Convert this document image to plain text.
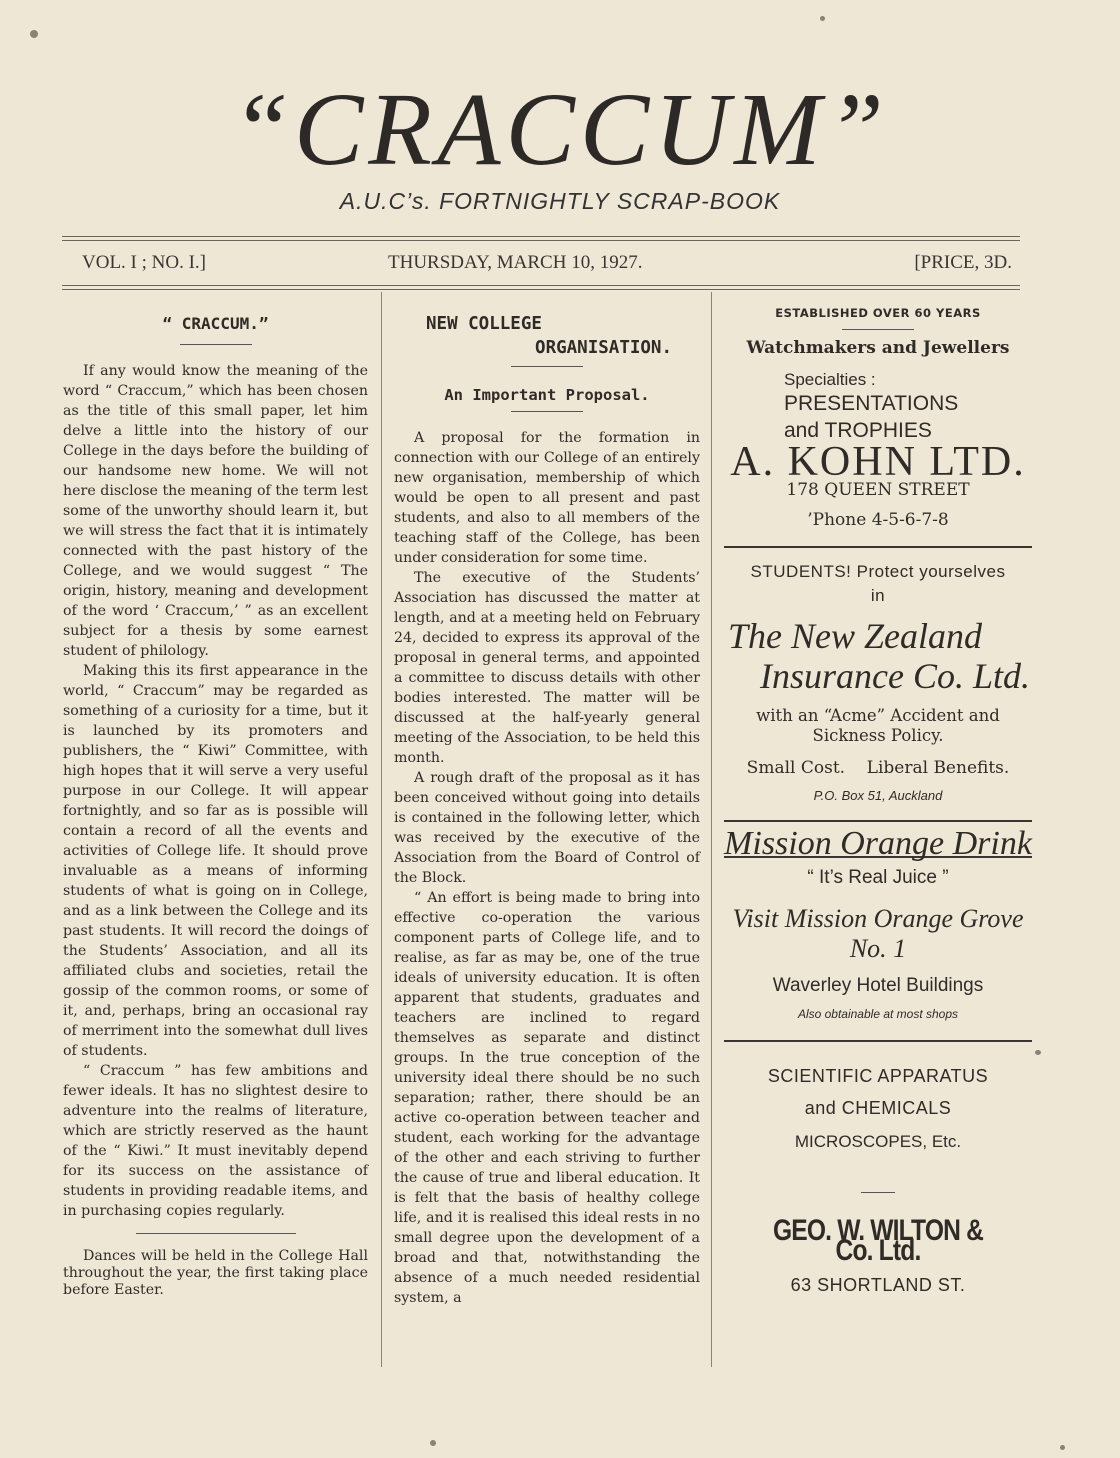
“CRACCUM”
A.U.C’s. FORTNIGHTLY SCRAP-BOOK
VOL. I ; NO. I.]	THURSDAY, MARCH 10, 1927.	[PRICE, 3D.
“ CRACCUM.”

If any would know the meaning of the word “ Craccum,” which has been chosen as the title of this small paper, let him delve a little into the history of our College in the days before the building of our handsome new home. We will not here disclose the meaning of the term lest some of the unworthy should learn it, but we will stress the fact that it is intimately connected with the past history of the College, and we would suggest “ The origin, history, meaning and development of the word ‘ Craccum,’ ” as an excellent subject for a thesis by some earnest student of philology.

Making this its first appearance in the world, “ Craccum” may be regarded as something of a curiosity for a time, but it is launched by its promoters and publishers, the “ Kiwi” Committee, with high hopes that it will serve a very useful purpose in our College. It will appear fortnightly, and so far as is possible will contain a record of all the events and activities of College life. It should prove invaluable as a means of informing students of what is going on in College, and as a link between the College and its past students. It will record the doings of the Students’ Association, and all its affiliated clubs and societies, retail the gossip of the common rooms, or some of it, and, perhaps, bring an occasional ray of merriment into the somewhat dull lives of students.

“ Craccum ” has few ambitions and fewer ideals. It has no slightest desire to adventure into the realms of literature, which are strictly reserved as the haunt of the “ Kiwi.” It must inevitably depend for its success on the assistance of students in providing readable items, and in purchasing copies regularly.

Dances will be held in the College Hall throughout the year, the first taking place before Easter.

NEW COLLEGE
ORGANISATION.
An Important Proposal.

A proposal for the formation in connection with our College of an entirely new organisation, membership of which would be open to all present and past students, and also to all members of the teaching staff of the College, has been under consideration for some time.

The executive of the Students’ Association has discussed the matter at length, and at a meeting held on February 24, decided to express its approval of the proposal in general terms, and appointed a committee to discuss details with other bodies interested. The matter will be discussed at the half-yearly general meeting of the Association, to be held this month.

A rough draft of the proposal as it has been conceived without going into details is contained in the following letter, which was received by the executive of the Association from the Board of Control of the Block.

“ An effort is being made to bring into effective co-operation the various component parts of College life, and to realise, as far as may be, one of the true ideals of university education. It is often apparent that students, graduates and teachers are inclined to regard themselves as separate and distinct groups. In the true conception of the university ideal there should be no such separation; rather, there should be an active co-operation between teacher and student, each working for the advantage of the other and each striving to further the cause of true and liberal education. It is felt that the basis of healthy college life, and it is realised this ideal rests in no small degree upon the development of a broad and that, notwithstanding the absence of a much needed residential system, a

ESTABLISHED OVER 60 YEARS
Watchmakers and Jewellers
Specialties :
PRESENTATIONS
and TROPHIES
A. KOHN LTD.
178 QUEEN STREET
’Phone 4-5-6-7-8
STUDENTS! Protect yourselves
in
The New Zealand
Insurance Co. Ltd.
with an “Acme” Accident and Sickness Policy.
Small Cost.    Liberal Benefits.
P.O. Box 51, Auckland
Mission Orange Drink
“ It’s Real Juice ”
Visit Mission Orange Grove
No. 1
Waverley Hotel Buildings
Also obtainable at most shops
SCIENTIFIC APPARATUS
and CHEMICALS
MICROSCOPES, Etc.
GEO. W. WILTON & Co. Ltd.
63 SHORTLAND ST.
